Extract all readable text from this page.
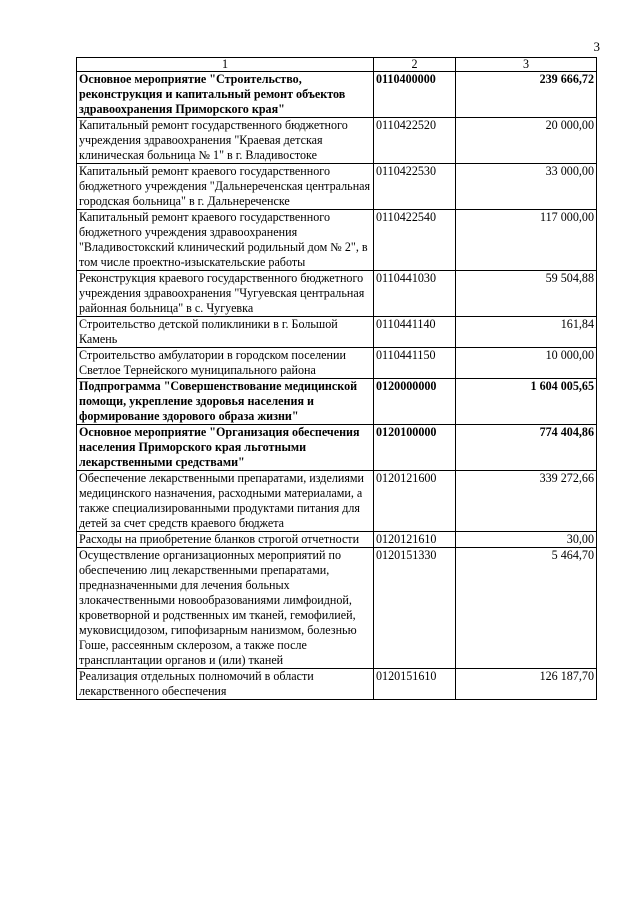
3
1	2	3
Основное мероприятие "Строительство, реконструкция и капитальный ремонт объектов здравоохранения Приморского края"	0110400000	239 666,72
Капитальный ремонт государственного бюджетного учреждения здравоохранения "Краевая детская клиническая больница № 1" в г. Владивостоке	0110422520	20 000,00
Капитальный ремонт краевого государственного бюджетного учреждения "Дальнереченская центральная городская больница" в г. Дальнереченске	0110422530	33 000,00
Капитальный ремонт краевого государственного бюджетного учреждения здравоохранения "Владивостокский клинический родильный дом № 2", в том числе проектно-изыскательские работы	0110422540	117 000,00
Реконструкция краевого государственного бюджетного учреждения здравоохранения "Чугуевская центральная районная больница" в с. Чугуевка	0110441030	59 504,88
Строительство детской поликлиники в г. Большой Камень	0110441140	161,84
Строительство амбулатории в городском поселении Светлое Тернейского муниципального района	0110441150	10 000,00
Подпрограмма "Совершенствование медицинской помощи, укрепление здоровья населения и формирование здорового образа жизни"	0120000000	1 604 005,65
Основное мероприятие "Организация обеспечения населения Приморского края льготными лекарственными средствами"	0120100000	774 404,86
Обеспечение лекарственными препаратами, изделиями медицинского назначения, расходными материалами, а также специализированными продуктами питания для детей за счет средств краевого бюджета	0120121600	339 272,66
Расходы на приобретение бланков строгой отчетности	0120121610	30,00
Осуществление организационных мероприятий по обеспечению лиц лекарственными препаратами, предназначенными для лечения больных злокачественными новообразованиями лимфоидной, кроветворной и родственных им тканей, гемофилией, муковисцидозом, гипофизарным нанизмом, болезнью Гоше, рассеянным склерозом, а также после трансплантации органов и (или) тканей	0120151330	5 464,70
Реализация отдельных полномочий в области лекарственного обеспечения	0120151610	126 187,70
